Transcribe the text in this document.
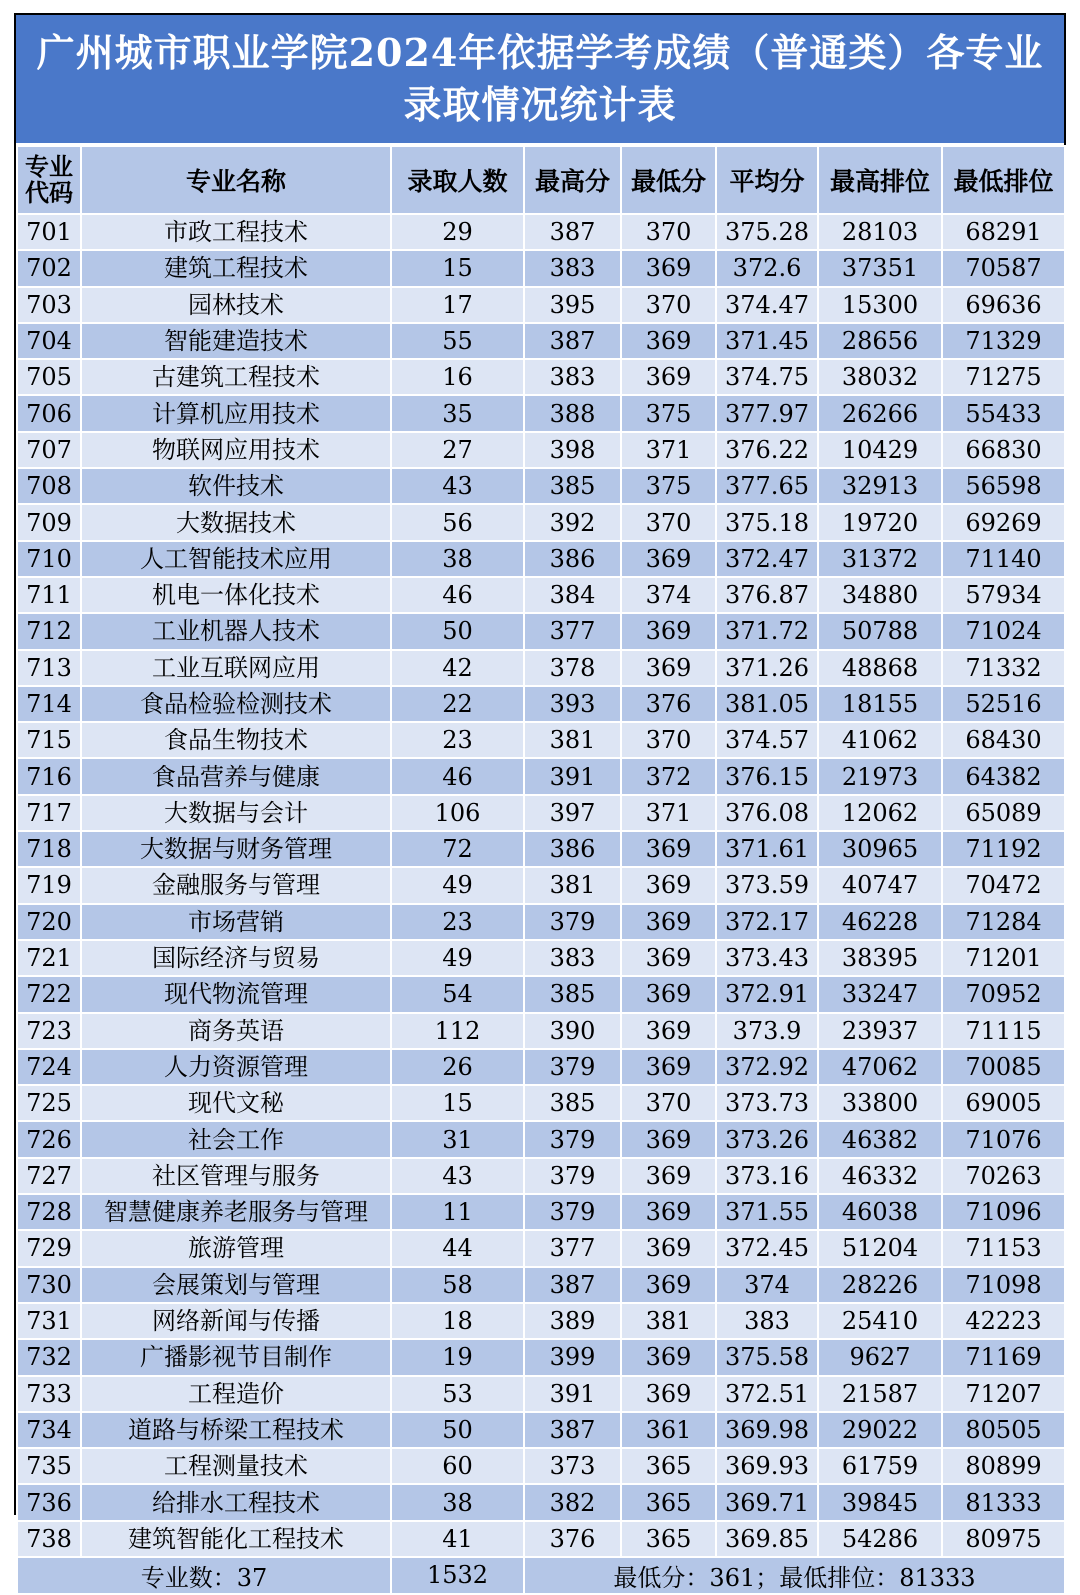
广州城市职业学院2024年依据学考成绩（普通类）各专业录取情况统计表
专业代码	专业名称	录取人数	最高分	最低分	平均分	最高排位	最低排位
701	市政工程技术	29	387	370	375.28	28103	68291
702	建筑工程技术	15	383	369	372.6	37351	70587
703	园林技术	17	395	370	374.47	15300	69636
704	智能建造技术	55	387	369	371.45	28656	71329
705	古建筑工程技术	16	383	369	374.75	38032	71275
706	计算机应用技术	35	388	375	377.97	26266	55433
707	物联网应用技术	27	398	371	376.22	10429	66830
708	软件技术	43	385	375	377.65	32913	56598
709	大数据技术	56	392	370	375.18	19720	69269
710	人工智能技术应用	38	386	369	372.47	31372	71140
711	机电一体化技术	46	384	374	376.87	34880	57934
712	工业机器人技术	50	377	369	371.72	50788	71024
713	工业互联网应用	42	378	369	371.26	48868	71332
714	食品检验检测技术	22	393	376	381.05	18155	52516
715	食品生物技术	23	381	370	374.57	41062	68430
716	食品营养与健康	46	391	372	376.15	21973	64382
717	大数据与会计	106	397	371	376.08	12062	65089
718	大数据与财务管理	72	386	369	371.61	30965	71192
719	金融服务与管理	49	381	369	373.59	40747	70472
720	市场营销	23	379	369	372.17	46228	71284
721	国际经济与贸易	49	383	369	373.43	38395	71201
722	现代物流管理	54	385	369	372.91	33247	70952
723	商务英语	112	390	369	373.9	23937	71115
724	人力资源管理	26	379	369	372.92	47062	70085
725	现代文秘	15	385	370	373.73	33800	69005
726	社会工作	31	379	369	373.26	46382	71076
727	社区管理与服务	43	379	369	373.16	46332	70263
728	智慧健康养老服务与管理	11	379	369	371.55	46038	71096
729	旅游管理	44	377	369	372.45	51204	71153
730	会展策划与管理	58	387	369	374	28226	71098
731	网络新闻与传播	18	389	381	383	25410	42223
732	广播影视节目制作	19	399	369	375.58	9627	71169
733	工程造价	53	391	369	372.51	21587	71207
734	道路与桥梁工程技术	50	387	361	369.98	29022	80505
735	工程测量技术	60	373	365	369.93	61759	80899
736	给排水工程技术	38	382	365	369.71	39845	81333
738	建筑智能化工程技术	41	376	365	369.85	54286	80975
专业数：37		1532	最低分：361；最低排位：81333				
